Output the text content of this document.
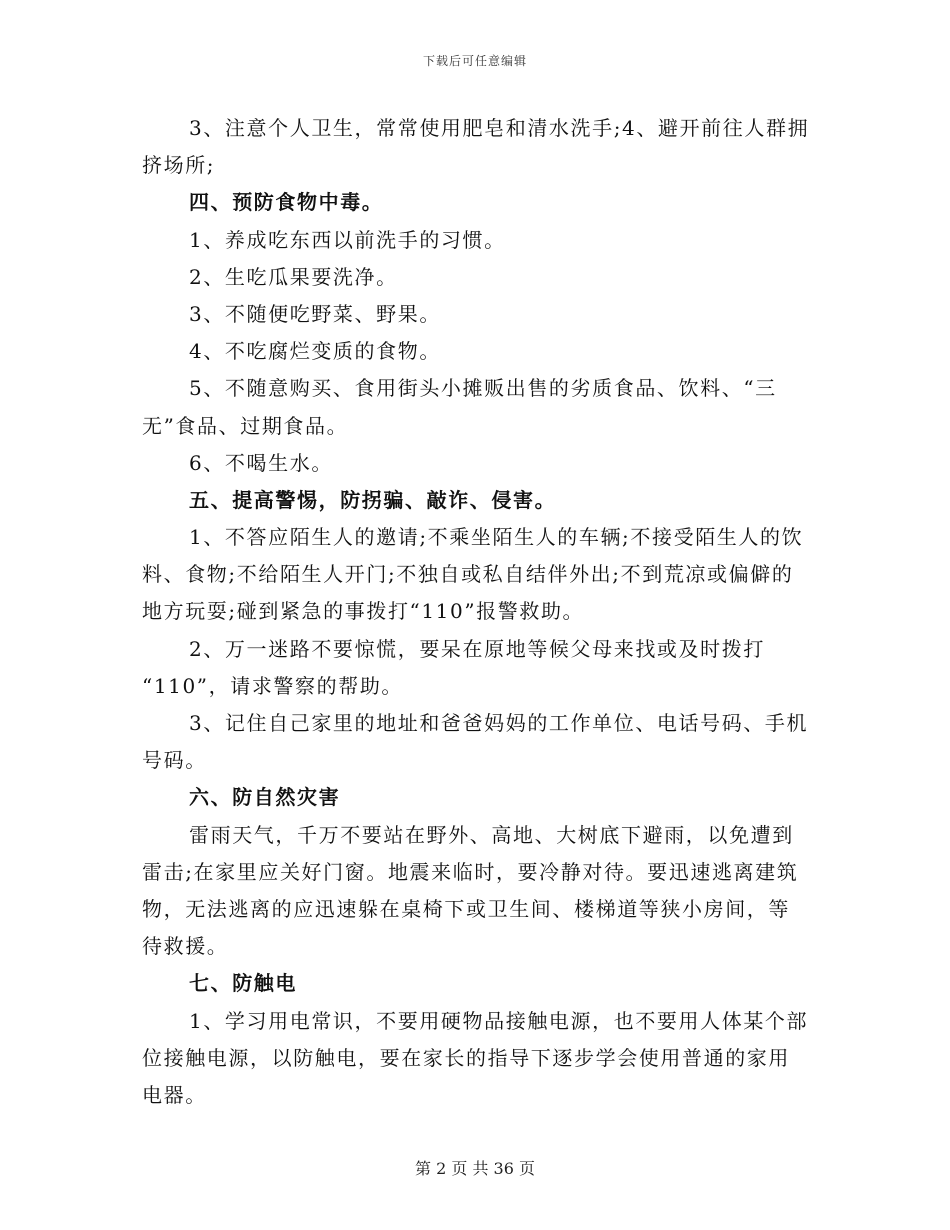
下载后可任意编辑
3、注意个人卫生，常常使用肥皂和清水洗手;4、避开前往人群拥
挤场所;
四、预防食物中毒。
1、养成吃东西以前洗手的习惯。
2、生吃瓜果要洗净。
3、不随便吃野菜、野果。
4、不吃腐烂变质的食物。
5、不随意购买、食用街头小摊贩出售的劣质食品、饮料、“三
无”食品、过期食品。
6、不喝生水。
五、提高警惕，防拐骗、敲诈、侵害。
1、不答应陌生人的邀请;不乘坐陌生人的车辆;不接受陌生人的饮
料、食物;不给陌生人开门;不独自或私自结伴外出;不到荒凉或偏僻的
地方玩耍;碰到紧急的事拨打“110”报警救助。
2、万一迷路不要惊慌，要呆在原地等候父母来找或及时拨打
“110”，请求警察的帮助。
3、记住自己家里的地址和爸爸妈妈的工作单位、电话号码、手机
号码。
六、防自然灾害
雷雨天气，千万不要站在野外、高地、大树底下避雨，以免遭到
雷击;在家里应关好门窗。地震来临时，要冷静对待。要迅速逃离建筑
物，无法逃离的应迅速躲在桌椅下或卫生间、楼梯道等狭小房间，等
待救援。
七、防触电
1、学习用电常识，不要用硬物品接触电源，也不要用人体某个部
位接触电源，以防触电，要在家长的指导下逐步学会使用普通的家用
电器。
第 2 页 共 36 页
